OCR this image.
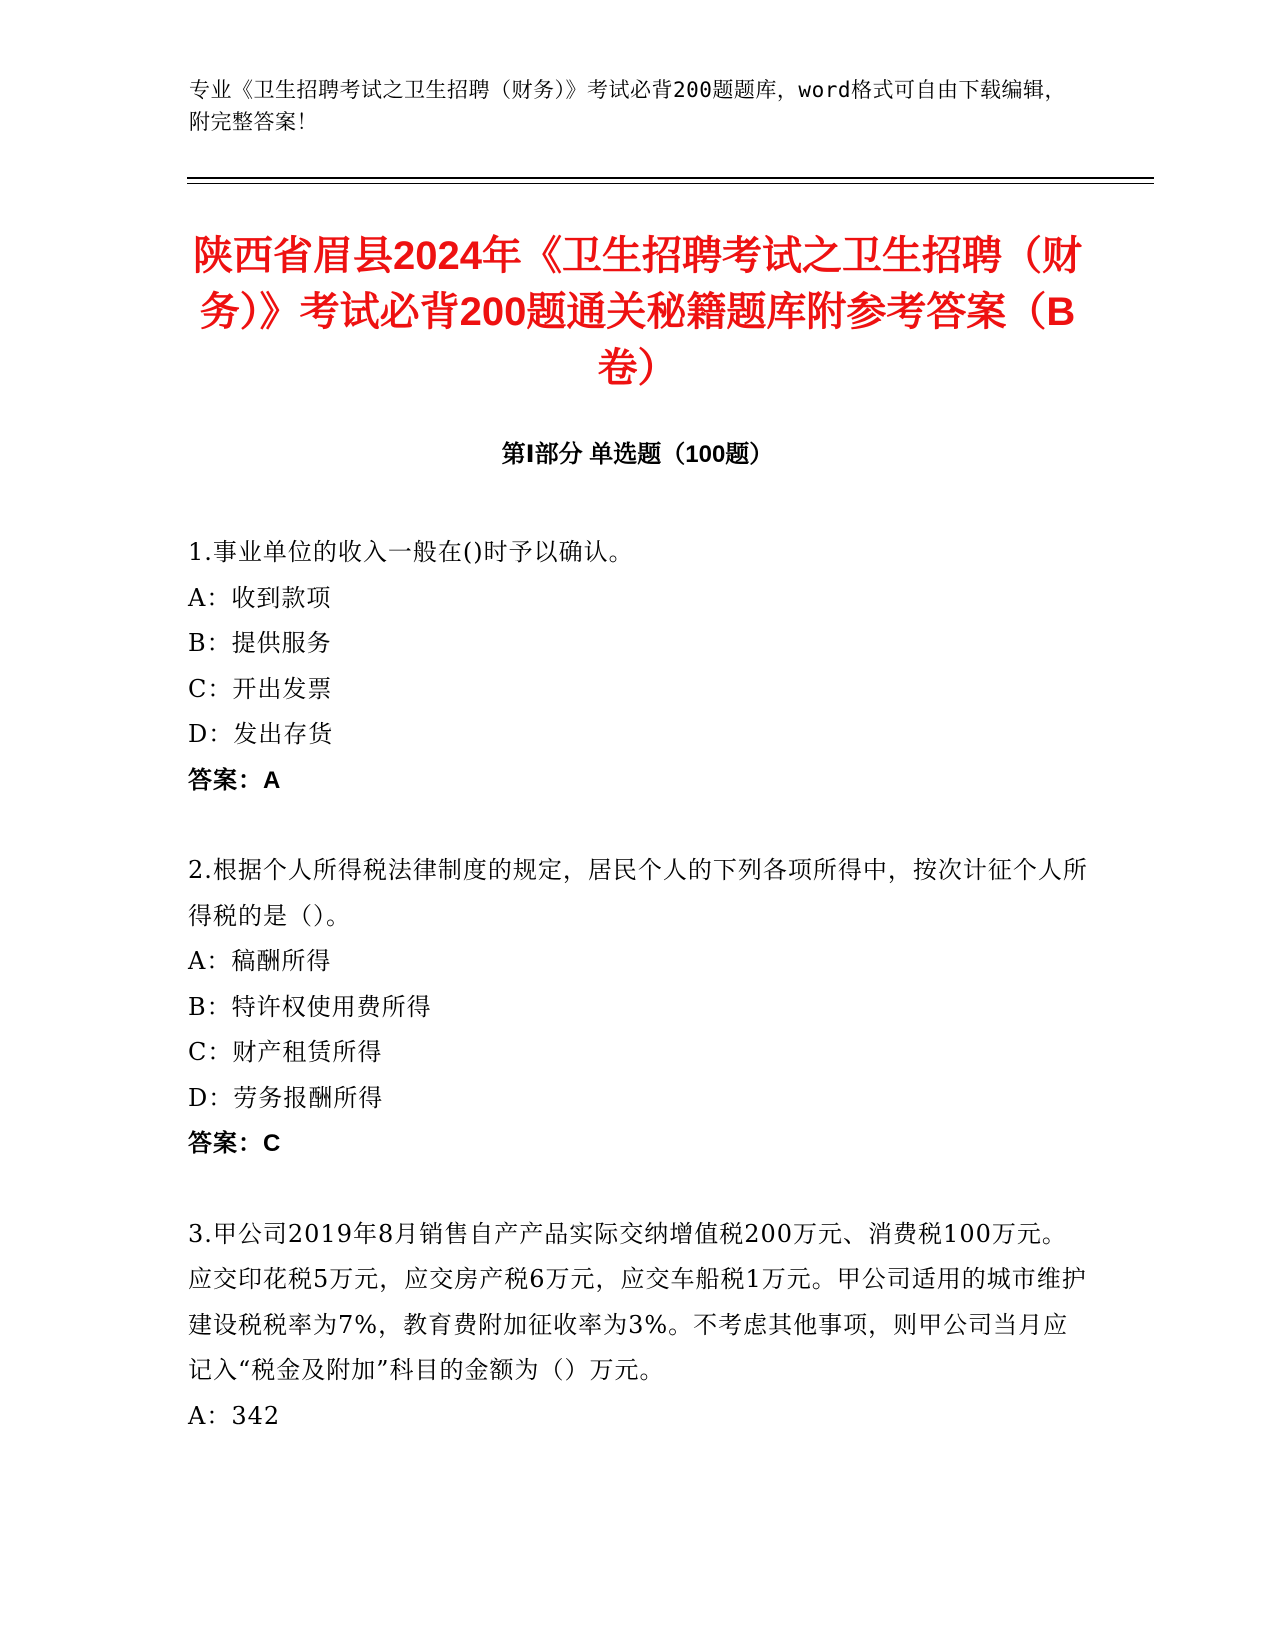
专业《卫生招聘考试之卫生招聘（财务）》考试必背200题题库，word格式可自由下载编辑，附完整答案！
陕西省眉县2024年《卫生招聘考试之卫生招聘（财务）》考试必背200题通关秘籍题库附参考答案（B卷）
第Ⅰ部分 单选题（100题）
1.事业单位的收入一般在()时予以确认。
A：收到款项
B：提供服务
C：开出发票
D：发出存货
答案：A
2.根据个人所得税法律制度的规定，居民个人的下列各项所得中，按次计征个人所得税的是（）。
A：稿酬所得
B：特许权使用费所得
C：财产租赁所得
D：劳务报酬所得
答案：C
3.甲公司2019年8月销售自产产品实际交纳增值税200万元、消费税100万元。应交印花税5万元，应交房产税6万元，应交车船税1万元。甲公司适用的城市维护建设税税率为7%，教育费附加征收率为3%。不考虑其他事项，则甲公司当月应记入“税金及附加”科目的金额为（）万元。
A：342
